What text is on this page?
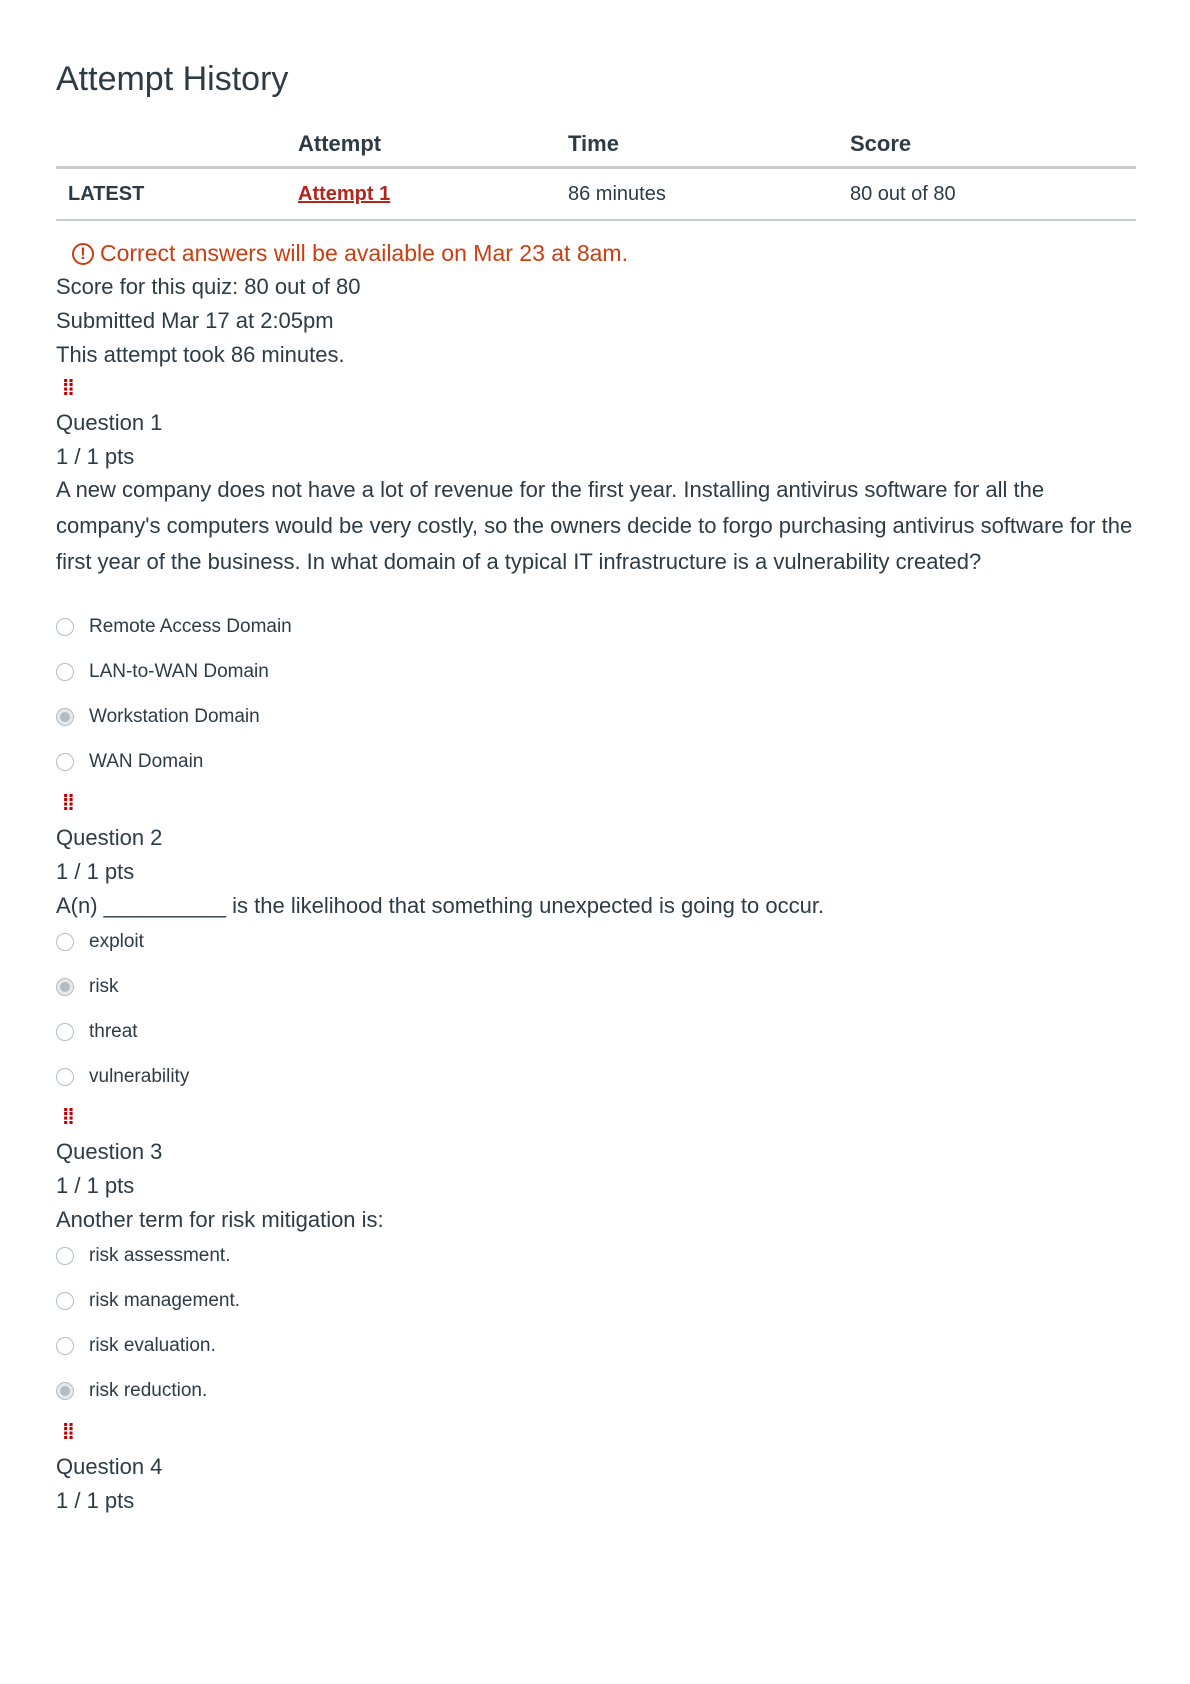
Attempt History
	Attempt	Time	Score
LATEST	Attempt 1	86 minutes	80 out of 80
! Correct answers will be available on Mar 23 at 8am.
Score for this quiz: 80 out of 80
Submitted Mar 17 at 2:05pm
This attempt took 86 minutes.
⁞⁞
Question 1
1 / 1 pts
A new company does not have a lot of revenue for the first year. Installing antivirus software for all the company's computers would be very costly, so the owners decide to forgo purchasing antivirus software for the first year of the business. In what domain of a typical IT infrastructure is a vulnerability created?
Remote Access Domain
LAN-to-WAN Domain
Workstation Domain
WAN Domain
⁞⁞
Question 2
1 / 1 pts
A(n) __________ is the likelihood that something unexpected is going to occur.
exploit
risk
threat
vulnerability
⁞⁞
Question 3
1 / 1 pts
Another term for risk mitigation is:
risk assessment.
risk management.
risk evaluation.
risk reduction.
⁞⁞
Question 4
1 / 1 pts
